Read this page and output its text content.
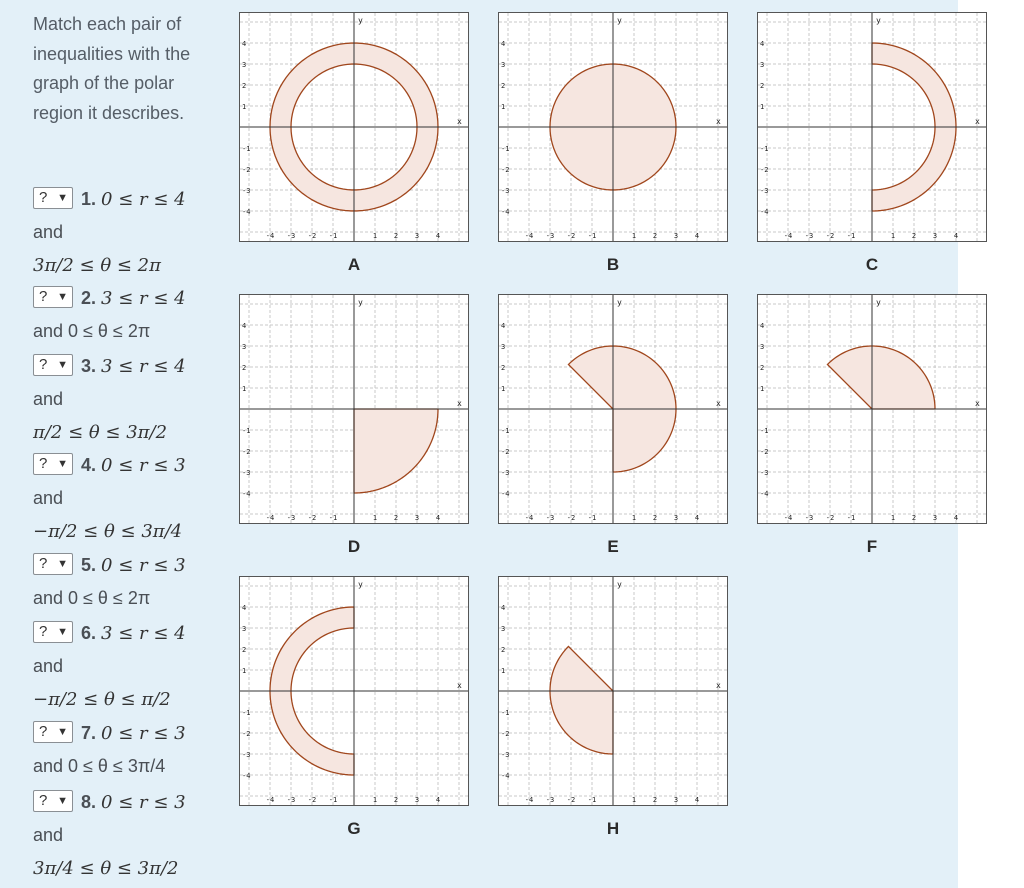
Match each pair of inequalities with the graph of the polar region it describes.
? ▼ 1. 0 ≤ r ≤ 4
and
3π/2 ≤ θ ≤ 2π
? ▼ 2. 3 ≤ r ≤ 4
and 0 ≤ θ ≤ 2π
? ▼ 3. 3 ≤ r ≤ 4
and
π/2 ≤ θ ≤ 3π/2
? ▼ 4. 0 ≤ r ≤ 3
and
−π/2 ≤ θ ≤ 3π/4
? ▼ 5. 0 ≤ r ≤ 3
and 0 ≤ θ ≤ 2π
? ▼ 6. 3 ≤ r ≤ 4
and
−π/2 ≤ θ ≤ π/2
? ▼ 7. 0 ≤ r ≤ 3
and 0 ≤ θ ≤ 3π/4
? ▼ 8. 0 ≤ r ≤ 3
and
3π/4 ≤ θ ≤ 3π/2
x
y
-4
-4
-3
-3
-2
-2
-1
-1
1
1
2
2
3
3
4
4
A
x
y
-4
-4
-3
-3
-2
-2
-1
-1
1
1
2
2
3
3
4
4
B
x
y
-4
-4
-3
-3
-2
-2
-1
-1
1
1
2
2
3
3
4
4
C
x
y
-4
-4
-3
-3
-2
-2
-1
-1
1
1
2
2
3
3
4
4
D
x
y
-4
-4
-3
-3
-2
-2
-1
-1
1
1
2
2
3
3
4
4
E
x
y
-4
-4
-3
-3
-2
-2
-1
-1
1
1
2
2
3
3
4
4
F
x
y
-4
-4
-3
-3
-2
-2
-1
-1
1
1
2
2
3
3
4
4
G
x
y
-4
-4
-3
-3
-2
-2
-1
-1
1
1
2
2
3
3
4
4
H
